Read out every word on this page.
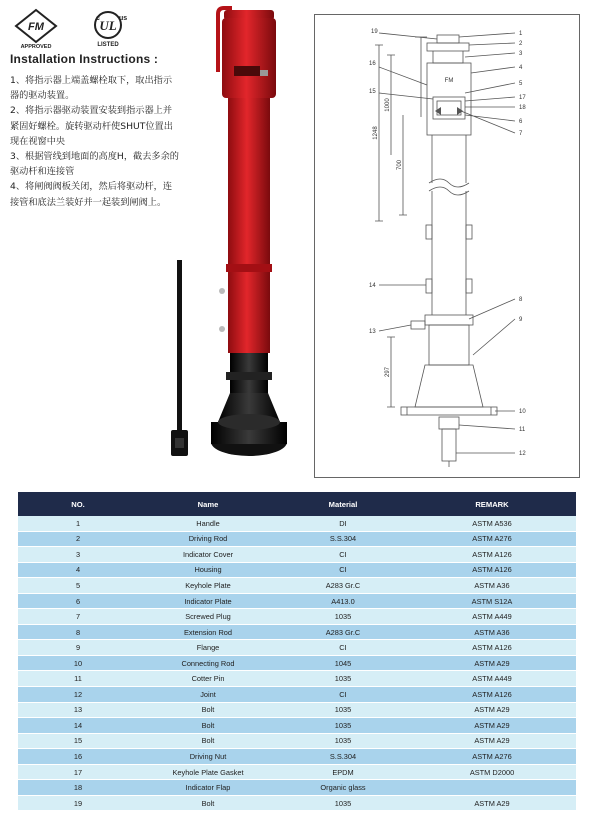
FM
APPROVED
c UL us
LISTED
Installation Instructions :

1、将指示器上端盖螺栓取下，取出指示器的驱动装置。

2、将指示器驱动装置安装到指示器上并紧固好螺栓。旋转驱动杆使SHUT位置出现在视窗中央

3、根据管线到地面的高度H，截去多余的驱动杆和连接管

4、将闸阀阀板关闭，然后将驱动杆，连接管和底法兰装好并一起装到闸阀上。

FM
19
16
15
14
13
1
2
3
4
5
17
18
6
7
8
9
10
11
12
1248
1000
700
297
NO.	Name	Material	REMARK
1	Handle	DI	ASTM A536
2	Driving Rod	S.S.304	ASTM A276
3	Indicator Cover	CI	ASTM A126
4	Housing	CI	ASTM A126
5	Keyhole Plate	A283 Gr.C	ASTM A36
6	Indicator Plate	A413.0	ASTM S12A
7	Screwed Plug	1035	ASTM A449
8	Extension Rod	A283 Gr.C	ASTM A36
9	Flange	CI	ASTM A126
10	Connecting Rod	1045	ASTM A29
11	Cotter Pin	1035	ASTM A449
12	Joint	CI	ASTM A126
13	Bolt	1035	ASTM A29
14	Bolt	1035	ASTM A29
15	Bolt	1035	ASTM A29
16	Driving Nut	S.S.304	ASTM A276
17	Keyhole Plate Gasket	EPDM	ASTM D2000
18	Indicator Flap	Organic glass	
19	Bolt	1035	ASTM A29
